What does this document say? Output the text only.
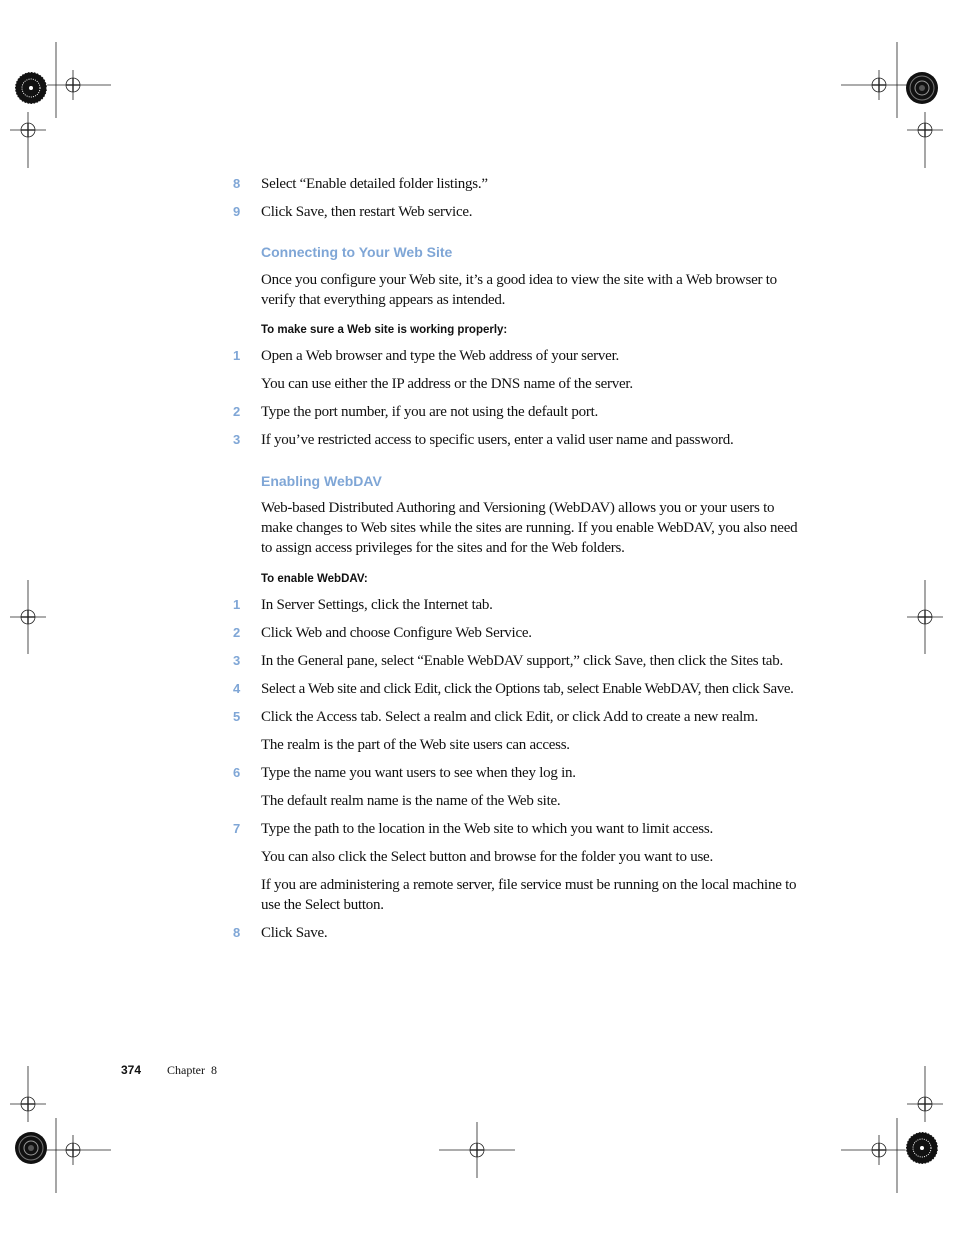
8	Select “Enable detailed folder listings.”
9	Click Save, then restart Web service.
Connecting to Your Web Site
Once you configure your Web site, it’s a good idea to view the site with a Web browser to verify that everything appears as intended.
To make sure a Web site is working properly:
1	Open a Web browser and type the Web address of your server.
You can use either the IP address or the DNS name of the server.
2	Type the port number, if you are not using the default port.
3	If you’ve restricted access to specific users, enter a valid user name and password.
Enabling WebDAV
Web-based Distributed Authoring and Versioning (WebDAV) allows you or your users to make changes to Web sites while the sites are running. If you enable WebDAV, you also need to assign access privileges for the sites and for the Web folders.
To enable WebDAV:
1	In Server Settings, click the Internet tab.
2	Click Web and choose Configure Web Service.
3	In the General pane, select “Enable WebDAV support,” click Save, then click the Sites tab.
4	Select a Web site and click Edit, click the Options tab, select Enable WebDAV, then click Save.
5	Click the Access tab. Select a realm and click Edit, or click Add to create a new realm.
The realm is the part of the Web site users can access.
6	Type the name you want users to see when they log in.
The default realm name is the name of the Web site.
7	Type the path to the location in the Web site to which you want to limit access.
You can also click the Select button and browse for the folder you want to use.
If you are administering a remote server, file service must be running on the local machine to use the Select button.
8	Click Save.
374 Chapter  8
